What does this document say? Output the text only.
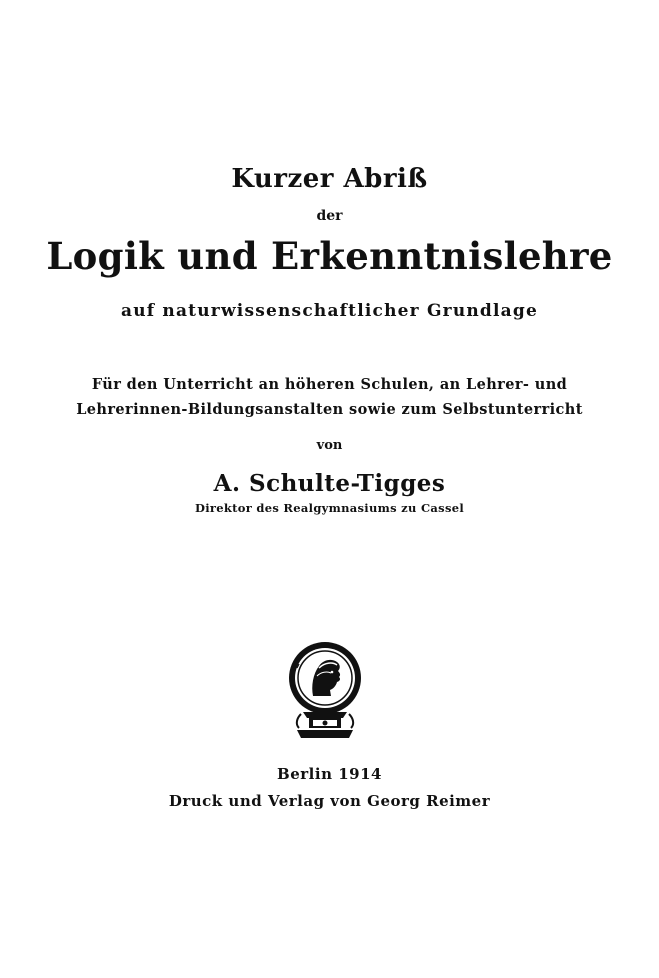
Kurzer Abriß
der
Logik und Erkenntnislehre
auf naturwissenschaftlicher Grundlage
Für den Unterricht an höheren Schulen, an Lehrer- und
Lehrerinnen-Bildungsanstalten sowie zum Selbstunterricht
von
A. Schulte-Tigges
Direktor des Realgymnasiums zu Cassel
Berlin 1914
Druck und Verlag von Georg Reimer
